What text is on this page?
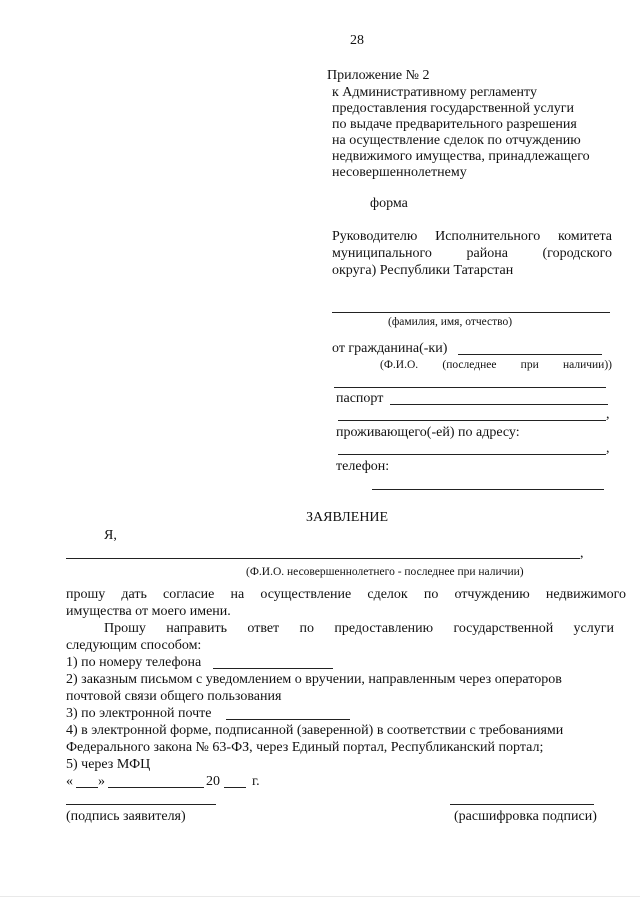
28
Приложение № 2
к Административному регламенту
предоставления государственной услуги
по выдаче предварительного разрешения
на осуществление сделок по отчуждению
недвижимого имущества, принадлежащего
несовершеннолетнему
форма
Руководителю Исполнительного комитета
муниципального района (городского
округа) Республики Татарстан
(фамилия, имя, отчество)
от гражданина(-ки)
(Ф.И.О. (последнее при наличии))
паспорт
,
проживающего(-ей) по адресу:
,
телефон:
ЗАЯВЛЕНИЕ
Я,
,
(Ф.И.О. несовершеннолетнего - последнее при наличии)
прошу дать согласие на осуществление сделок по отчуждению недвижимого
имущества от моего имени.
Прошу направить ответ по предоставлению государственной услуги
следующим способом:
1) по номеру телефона
2) заказным письмом с уведомлением о вручении, направленным через операторов
почтовой связи общего пользования
3) по электронной почте
4) в электронной форме, подписанной (заверенной) в соответствии с требованиями
Федерального закона № 63-ФЗ, через Единый портал, Республиканский портал;
5) через МФЦ
« »	20 г.
(подпись заявителя)	(расшифровка подписи)
